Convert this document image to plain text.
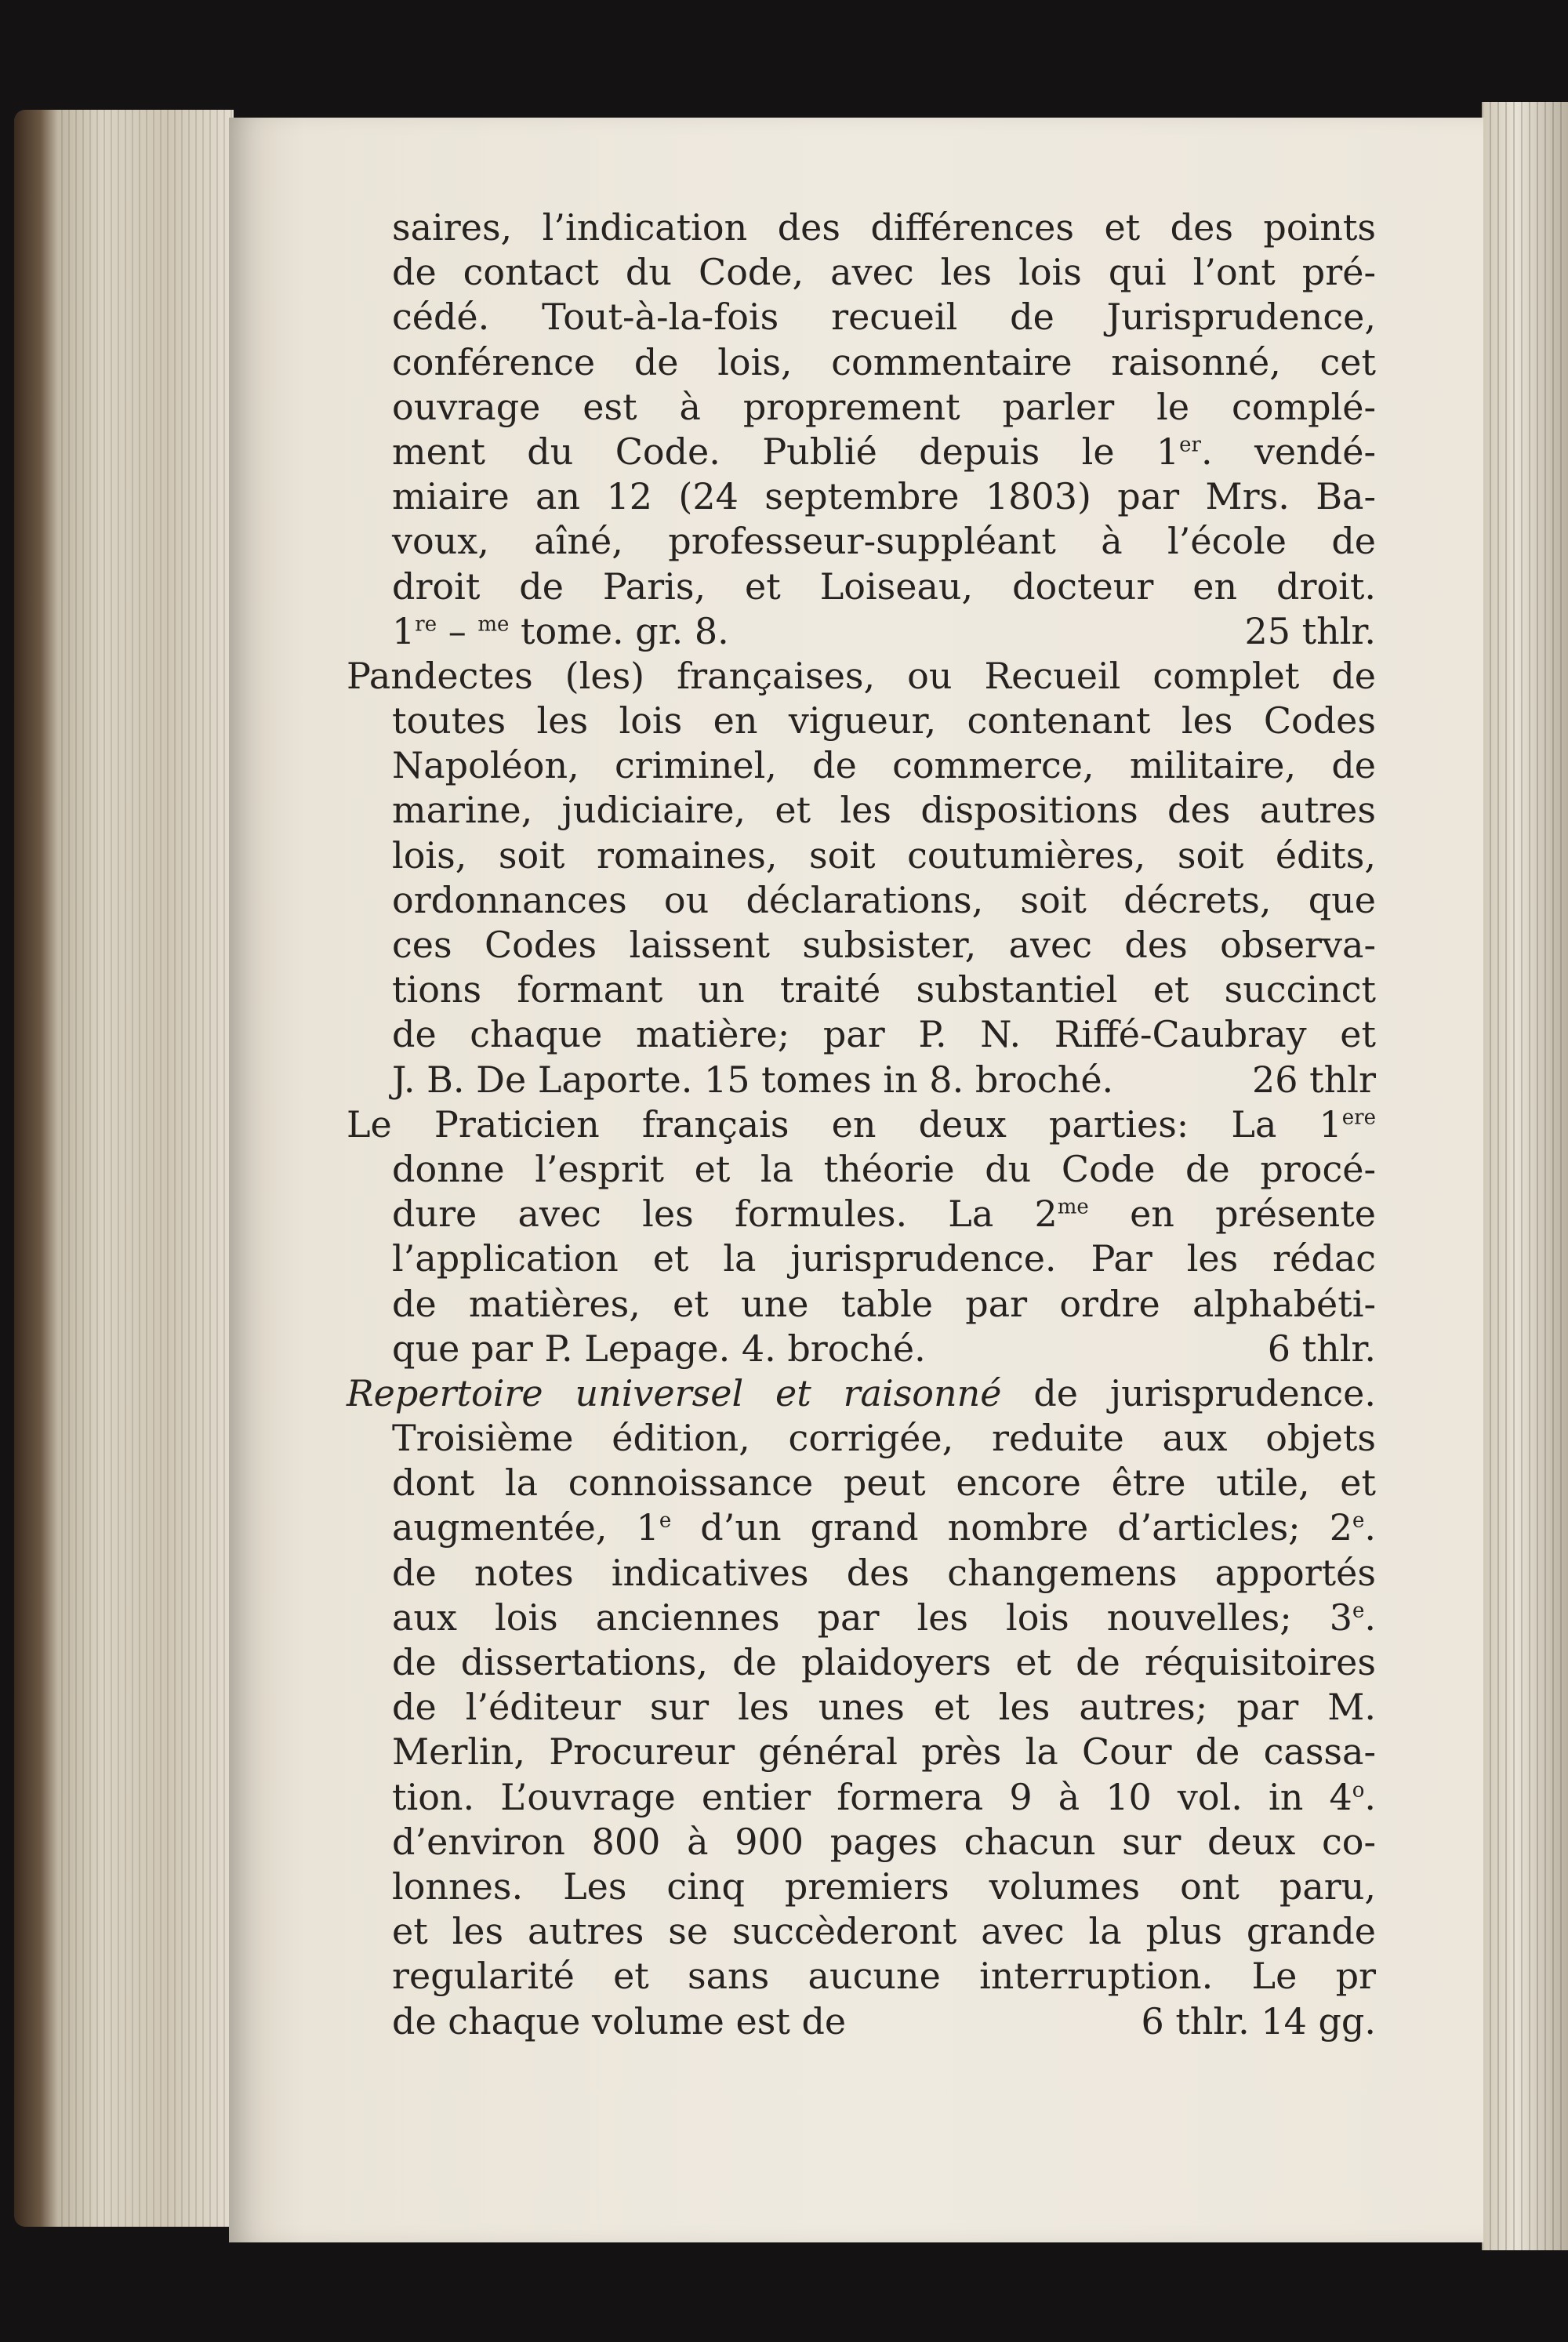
saires, l’indication des différences et des points
de contact du Code, avec les lois qui l’ont pré-
cédé. Tout-à-la-fois recueil de Jurisprudence,
conférence de lois, commentaire raisonné, cet
ouvrage est à proprement parler le complé-
ment du Code. Publié depuis le 1er. vendé-
miaire an 12 (24 septembre 1803) par Mrs. Ba-
voux, aîné, professeur-suppléant à l’école de
droit de Paris, et Loiseau, docteur en droit.
1re – $^{me}$ tome. gr. 8.	25 thlr.
Pandectes (les) françaises, ou Recueil complet de
toutes les lois en vigueur, contenant les Codes
Napoléon, criminel, de commerce, militaire, de
marine, judiciaire, et les dispositions des autres
lois, soit romaines, soit coutumières, soit édits,
ordonnances ou déclarations, soit décrets, que
ces Codes laissent subsister, avec des observa-
tions formant un traité substantiel et succinct
de chaque matière; par P. N. Riffé-Caubray et
J. B. De Laporte. 15 tomes in 8. broché.	26 thlr
Le Praticien français en deux parties: La 1ere
donne l’esprit et la théorie du Code de procé-
dure avec les formules. La $2^{me}$ en présente
l’application et la jurisprudence. Par les rédac
de matières, et une table par ordre alphabéti-
que par P. Lepage. 4. broché.	6 thlr.
Repertoire universel et raisonné de jurisprudence.
Troisième édition, corrigée, reduite aux objets
dont la connoissance peut encore être utile, et
augmentée, 1e d’un grand nombre d’articles; 2e.
de notes indicatives des changemens apportés
aux lois anciennes par les lois nouvelles; 3e.
de dissertations, de plaidoyers et de réquisitoires
de l’éditeur sur les unes et les autres; par M.
Merlin, Procureur général près la Cour de cassa-
tion. L’ouvrage entier formera 9 à 10 vol. in 4$^o$.
d’environ 800 à 900 pages chacun sur deux co-
lonnes. Les cinq premiers volumes ont paru,
et les autres se succèderont avec la plus grande
regularité et sans aucune interruption. Le pr
de chaque volume est de	6 thlr. 14 gg.
